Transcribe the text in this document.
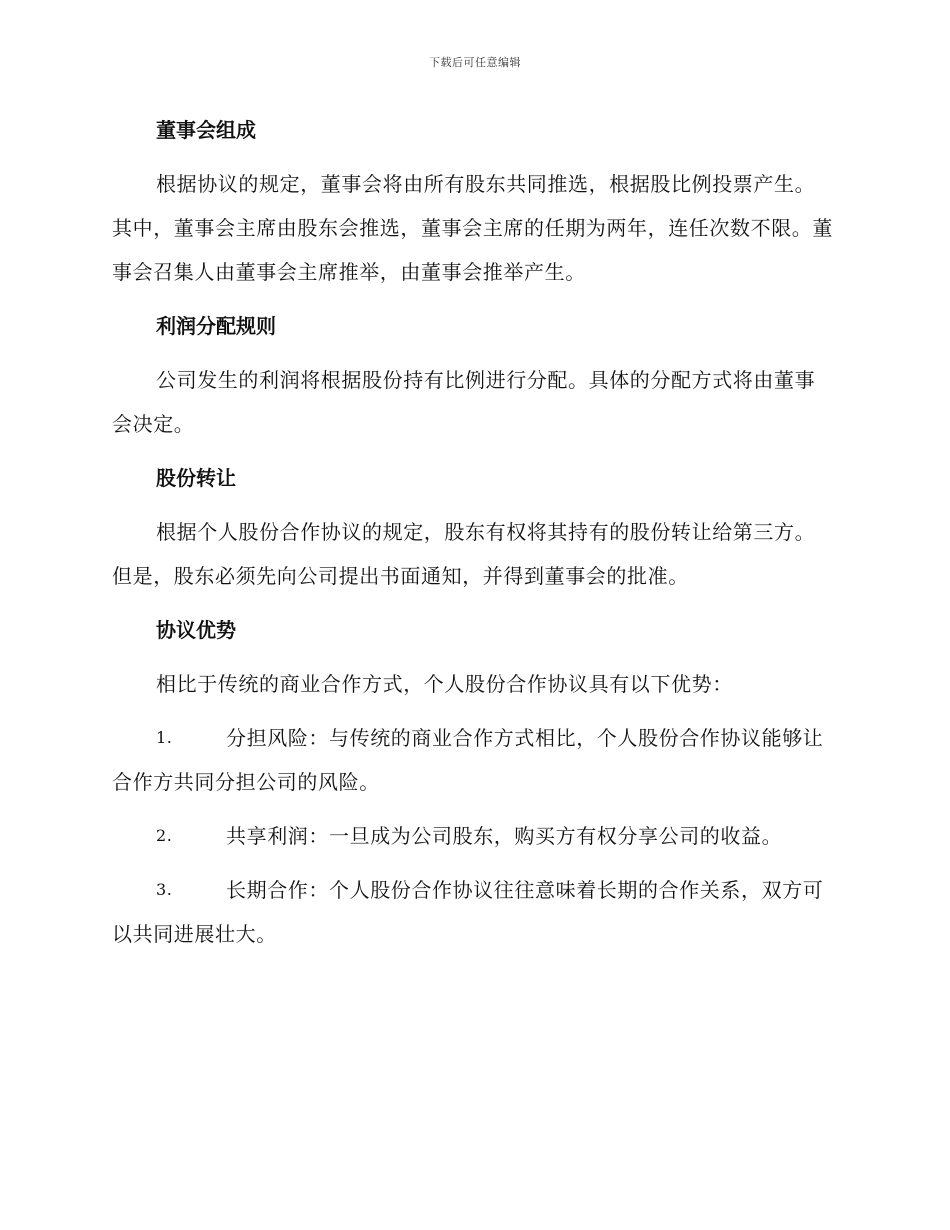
下载后可任意编辑
董事会组成

根据协议的规定，董事会将由所有股东共同推选，根据股比例投票产生。其中，董事会主席由股东会推选，董事会主席的任期为两年，连任次数不限。董事会召集人由董事会主席推举，由董事会推举产生。

利润分配规则

公司发生的利润将根据股份持有比例进行分配。具体的分配方式将由董事会决定。

股份转让

根据个人股份合作协议的规定，股东有权将其持有的股份转让给第三方。但是，股东必须先向公司提出书面通知，并得到董事会的批准。

协议优势

相比于传统的商业合作方式，个人股份合作协议具有以下优势：

1.	分担风险：与传统的商业合作方式相比，个人股份合作协议能够让合作方共同分担公司的风险。

2.	共享利润：一旦成为公司股东，购买方有权分享公司的收益。

3.	长期合作：个人股份合作协议往往意味着长期的合作关系，双方可以共同进展壮大。
